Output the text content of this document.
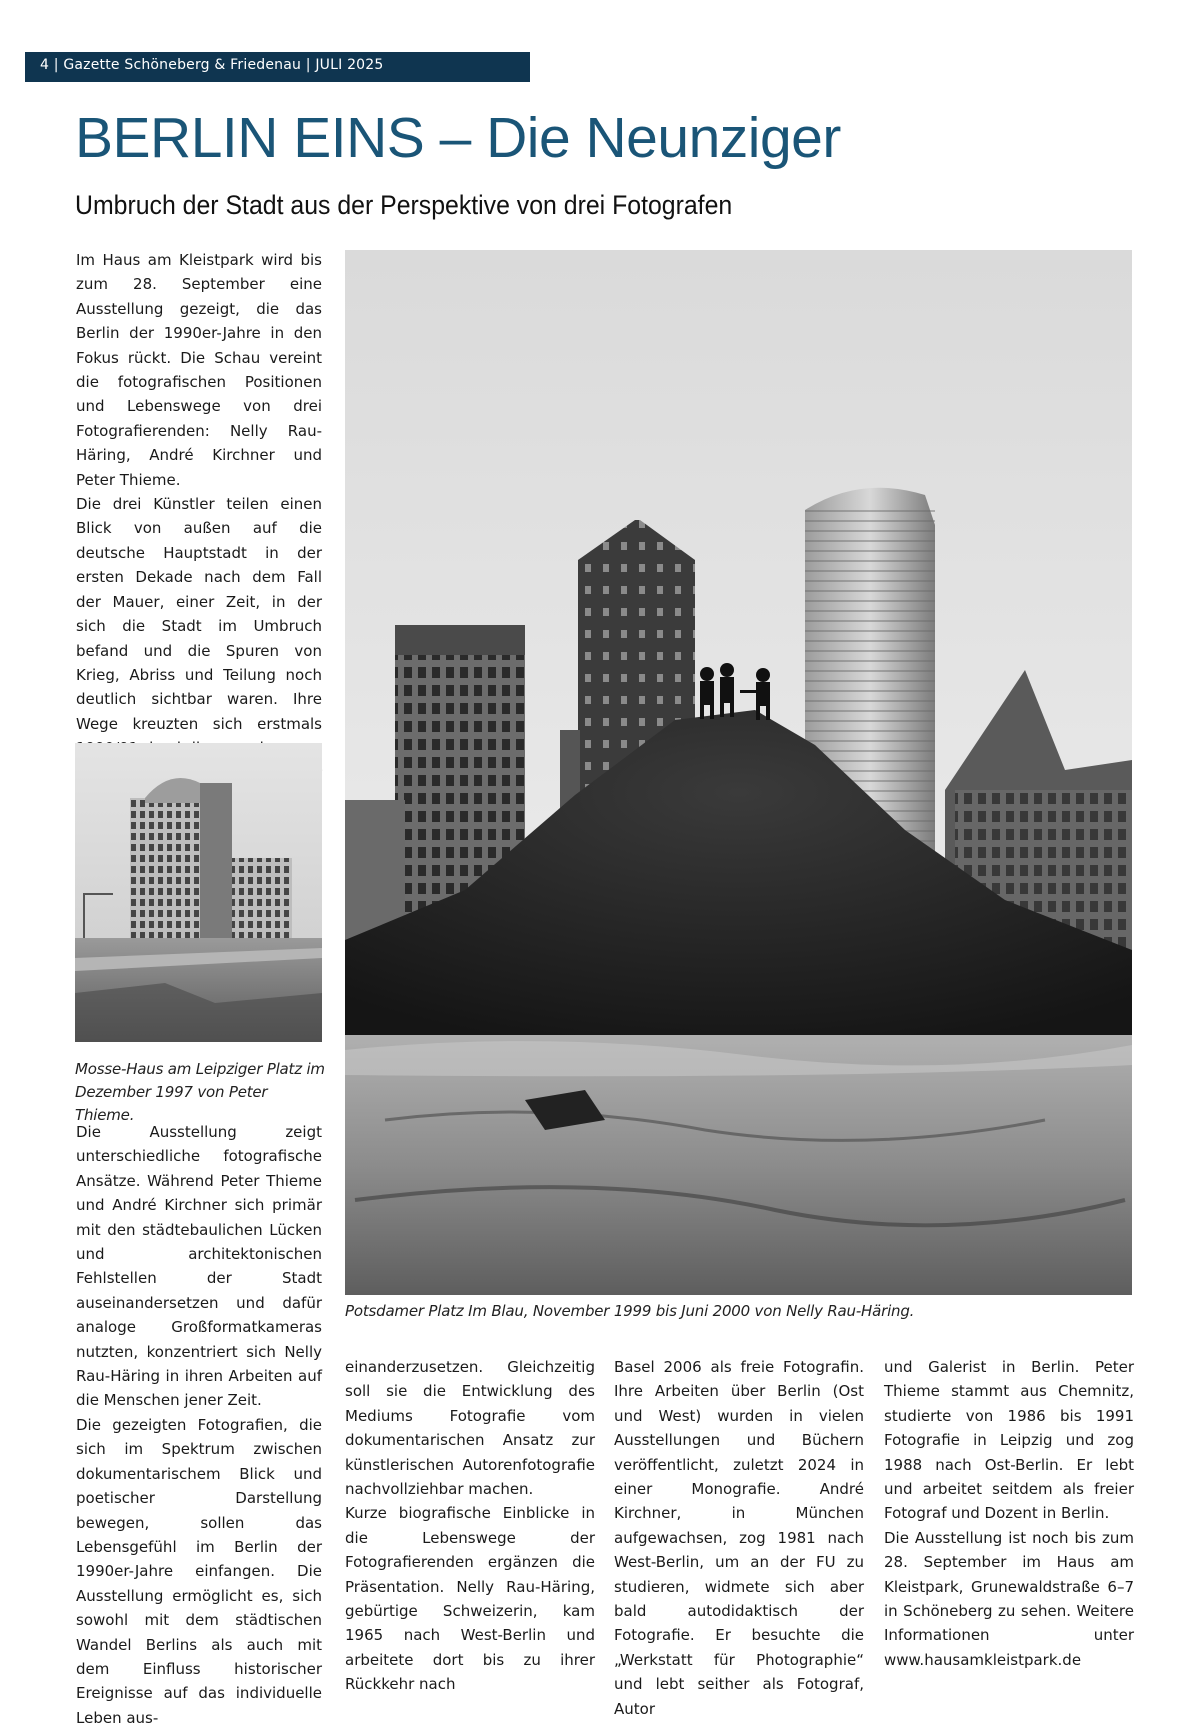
4 | Gazette Schöneberg & Friedenau | JULI 2025
BERLIN EINS – Die Neunziger
Umbruch der Stadt aus der Perspektive von drei Fotografen

Im Haus am Kleistpark wird bis zum 28. September eine Ausstellung gezeigt, die das Berlin der 1990er-Jahre in den Fokus rückt. Die Schau vereint die fotografischen Positionen und Lebenswege von drei Fotografierenden: Nelly Rau-Häring, André Kirchner und Peter Thieme.

Die drei Künstler teilen einen Blick von außen auf die deutsche Hauptstadt in der ersten Dekade nach dem Fall der Mauer, einer Zeit, in der sich die Stadt im Umbruch befand und die Spuren von Krieg, Abriss und Teilung noch deutlich sichtbar waren. Ihre Wege kreuzten sich erstmals

Mosse-Haus am Leipziger Platz im Dezember 1997 von Peter Thieme.

Die Ausstellung zeigt unterschiedliche fotografische Ansätze. Während Peter Thieme und André Kirchner sich primär mit den städtebaulichen Lücken und architektonischen Fehlstellen der Stadt auseinandersetzen und dafür analoge Großformatkameras nutzten, konzentriert sich Nelly Rau-Häring in ihren Arbeiten auf die Menschen jener Zeit.

Die gezeigten Fotografien, die sich im Spektrum zwischen dokumentarischem Blick und poetischer Darstellung bewegen, sollen das Lebensgefühl im Berlin der 1990er-Jahre einfangen. Die Ausstellung ermöglicht es, sich sowohl mit dem städtischen Wandel Berlins als auch mit dem Einfluss historischer Ereignisse auf das individuelle Leben aus-

Potsdamer Platz Im Blau, November 1999 bis Juni 2000 von Nelly Rau-Häring.

einanderzusetzen. Gleichzeitig soll sie die Entwicklung des Mediums Fotografie vom dokumentarischen Ansatz zur künstlerischen Autorenfotografie nachvollziehbar machen.

Kurze biografische Einblicke in die Lebenswege der Fotografierenden ergänzen die Präsentation. Nelly Rau-Häring, gebürtige Schweizerin, kam 1965 nach West-Berlin und arbeitete dort bis zu ihrer Rückkehr nach

Basel 2006 als freie Fotografin. Ihre Arbeiten über Berlin (Ost und West) wurden in vielen Ausstellungen und Büchern veröffentlicht, zuletzt 2024 in einer Monografie. André Kirchner, in München aufgewachsen, zog 1981 nach West-Berlin, um an der FU zu studieren, widmete sich aber bald autodidaktisch der Fotografie. Er besuchte die „Werkstatt für Photographie“ und lebt seither als Fotograf, Autor

und Galerist in Berlin. Peter Thieme stammt aus Chemnitz, studierte von 1986 bis 1991 Fotografie in Leipzig und zog 1988 nach Ost-Berlin. Er lebt und arbeitet seitdem als freier Fotograf und Dozent in Berlin.

Die Ausstellung ist noch bis zum 28. September im Haus am Kleistpark, Grunewaldstraße 6–7 in Schöneberg zu sehen. Weitere Informationen unter www.hausamkleistpark.de
